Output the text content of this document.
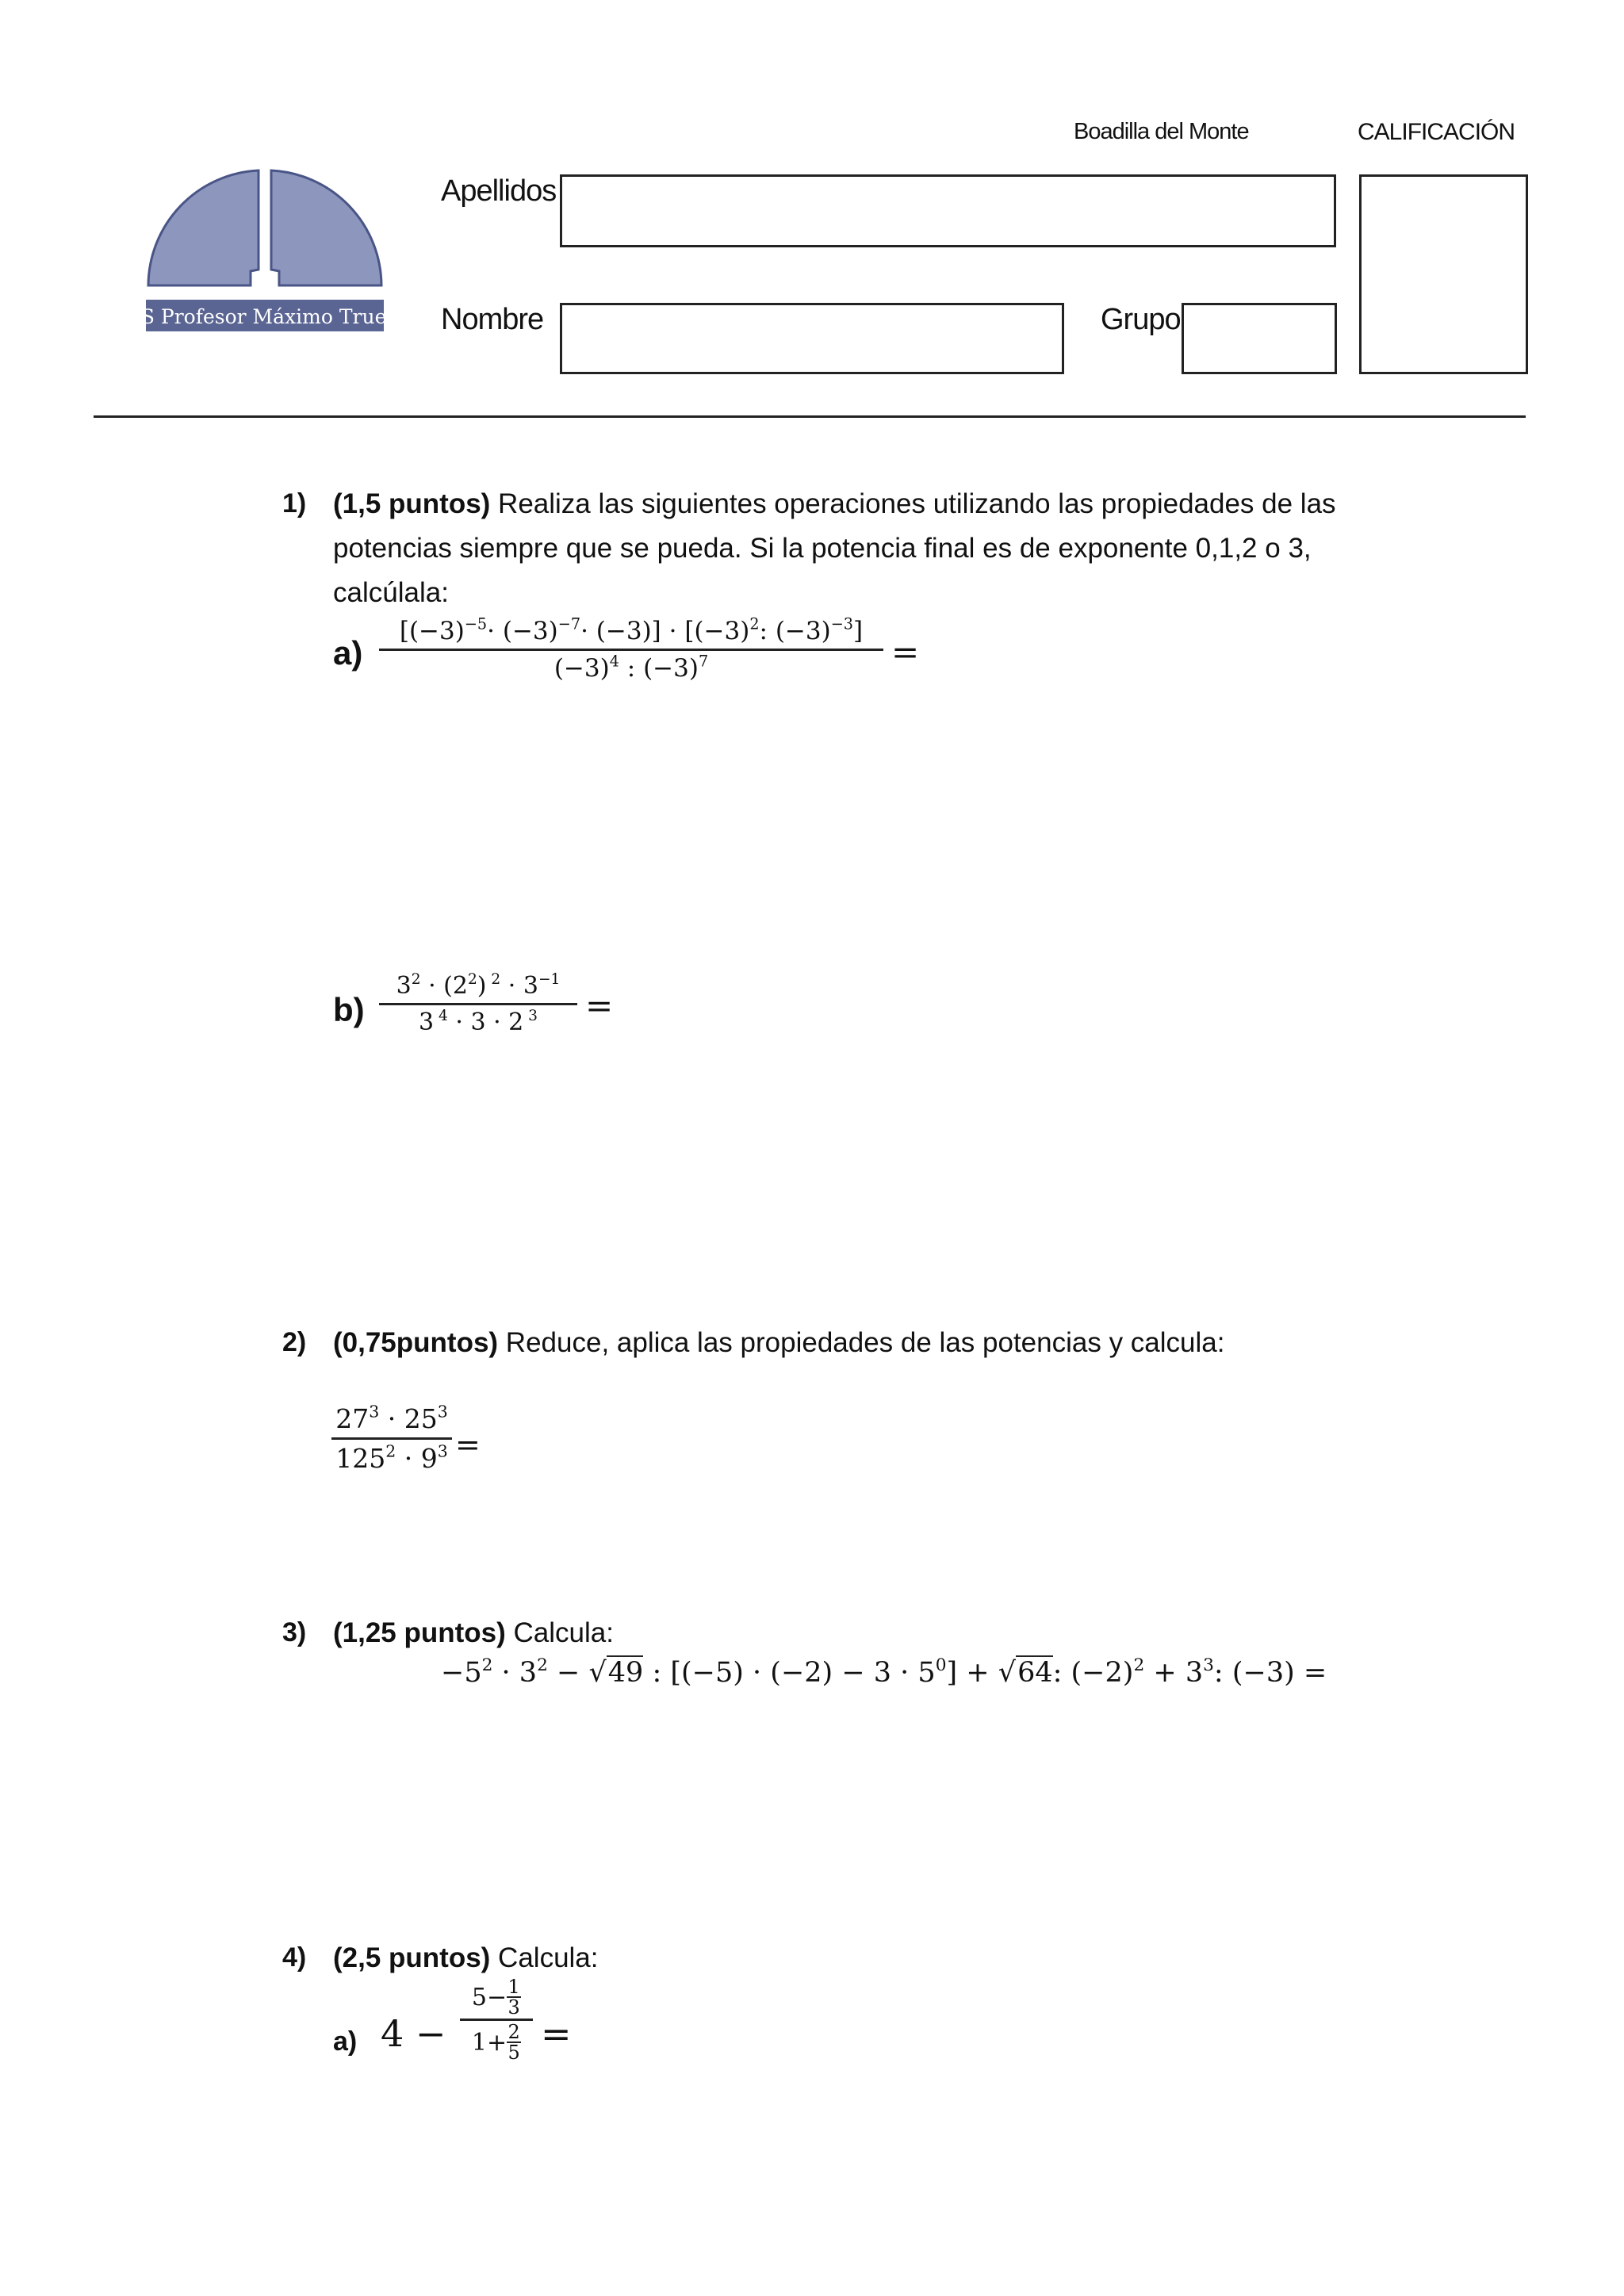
IES Profesor Máximo Trueba
Boadilla del Monte	CALIFICACIÓN
Apellidos
Nombre	Grupo
1) (1,5 puntos) Realiza las siguientes operaciones utilizando las propiedades de las
potencias siempre que se pueda. Si la potencia final es de exponente 0,1,2 o 3,
calcúlala:
a)
$[(-3)^{-5}\cdot (-3)^{-7}\cdot (-3)] \cdot [(-3)^2$: $(-3)^{-3}$]
$(-3)^4$ : $(-3)^7$	=
b)
$3^2 \cdot (2^2) ^2 \cdot 3^{-1}$
3 $^4$ · 3 · 2 $^3$	=
2) (0,75puntos) Reduce, aplica las propiedades de las potencias y calcula:
$27^3 \cdot 25^3$
$125^2 \cdot 9^3$ =
3) (1,25 puntos) Calcula:
$-5^2 \cdot 3^2 - √49$ : $[(-5) \cdot (-2) - 3 \cdot 5^0] + √64$: $(-2)^2 + 3^3$: (−3) =
4) (2,5 puntos) Calcula:
a) 4 −
5− 1
3
1+ 2
5 =
